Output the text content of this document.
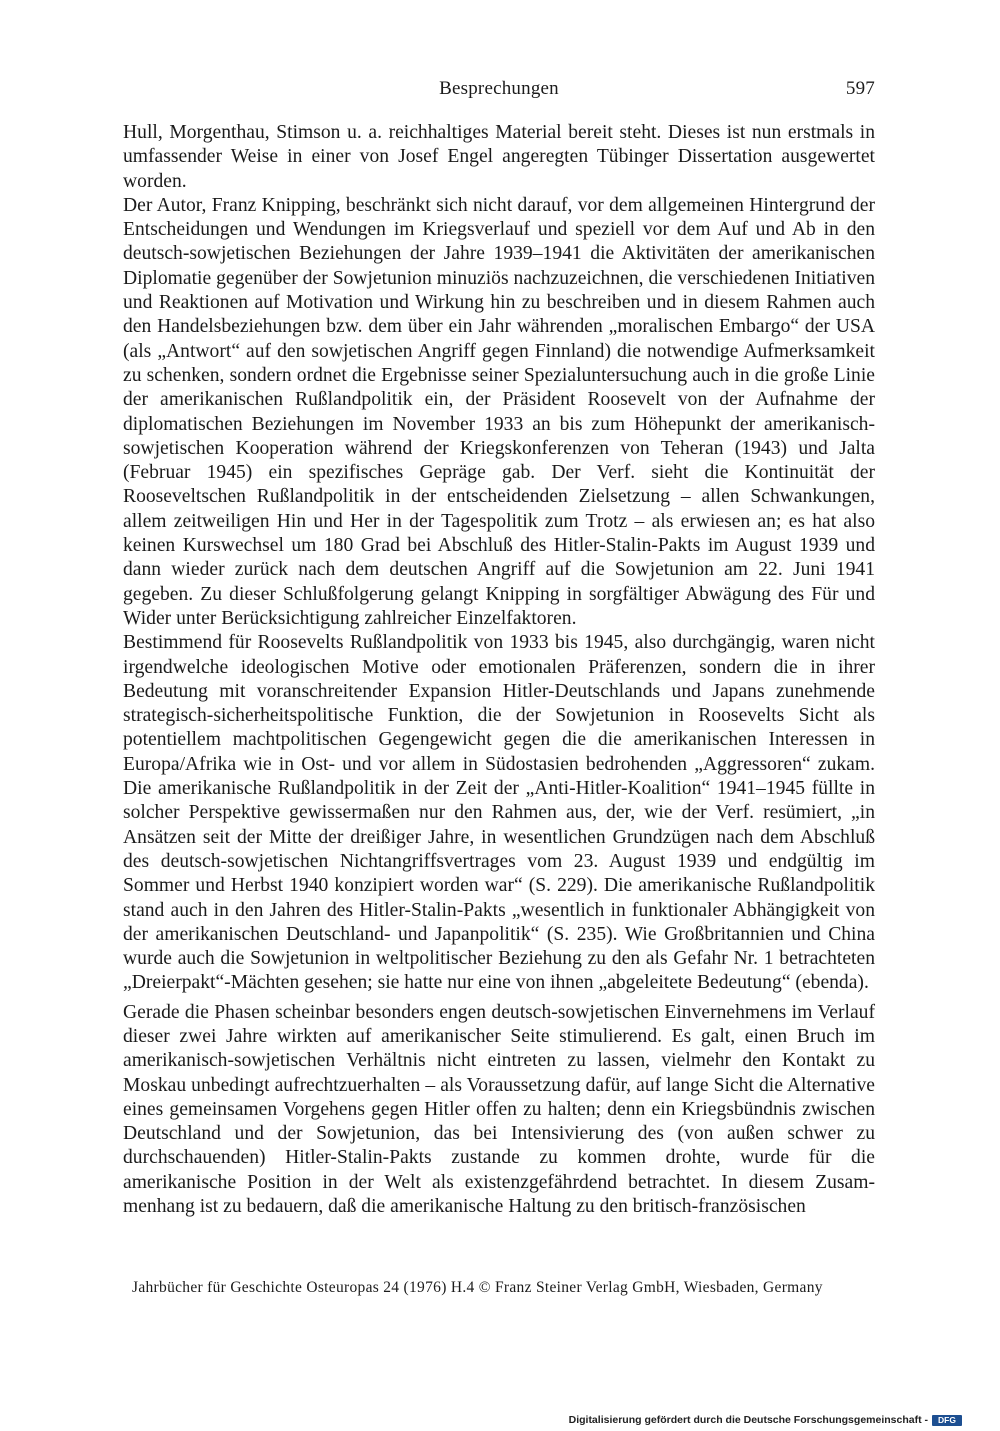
Besprechungen	597

Hull, Morgenthau, Stimson u. a. reichhaltiges Material bereit steht. Dieses ist nun erstmals in umfassender Weise in einer von Josef Engel angeregten Tübinger Dissertation ausgewertet worden.

Der Autor, Franz Knipping, beschränkt sich nicht darauf, vor dem allgemeinen Hintergrund der Entscheidungen und Wendungen im Kriegsverlauf und speziell vor dem Auf und Ab in den deutsch-sowjetischen Beziehungen der Jahre 1939–1941 die Aktivitäten der amerikanischen Diplomatie gegenüber der Sowjetunion minuziös nachzuzeichnen, die verschiedenen Initiativen und Reaktionen auf Motivation und Wirkung hin zu beschreiben und in diesem Rahmen auch den Handelsbeziehungen bzw. dem über ein Jahr währenden „moralischen Embargo“ der USA (als „Antwort“ auf den sowjetischen Angriff gegen Finnland) die notwendige Aufmerksamkeit zu schenken, sondern ordnet die Ergebnisse seiner Spezialuntersuchung auch in die große Linie der amerikanischen Rußlandpolitik ein, der Präsident Roosevelt von der Aufnahme der diplomatischen Beziehungen im November 1933 an bis zum Höhepunkt der amerikanisch-sowjetischen Kooperation während der Kriegskonferenzen von Teheran (1943) und Jalta (Februar 1945) ein spezifisches Gepräge gab. Der Verf. sieht die Kontinuität der Rooseveltschen Rußlandpolitik in der entscheidenden Zielsetzung – allen Schwankungen, allem zeitweiligen Hin und Her in der Tagespolitik zum Trotz – als erwiesen an; es hat also keinen Kurswechsel um 180 Grad bei Abschluß des Hitler-Stalin-Pakts im August 1939 und dann wieder zurück nach dem deutschen Angriff auf die Sowjetunion am 22. Juni 1941 gegeben. Zu dieser Schlußfolgerung gelangt Knipping in sorgfältiger Abwägung des Für und Wider unter Berücksichtigung zahlreicher Einzelfaktoren.

Bestimmend für Roosevelts Rußlandpolitik von 1933 bis 1945, also durchgängig, waren nicht irgendwelche ideologischen Motive oder emotionalen Präferenzen, sondern die in ihrer Bedeutung mit voranschreitender Expansion Hitler-Deutschlands und Japans zunehmende strategisch-sicherheitspolitische Funktion, die der Sowjetunion in Roosevelts Sicht als potentiellem machtpolitischen Gegengewicht gegen die die amerikanischen Interessen in Europa/Afrika wie in Ost- und vor allem in Südostasien bedrohenden „Aggressoren“ zukam. Die amerikanische Rußlandpolitik in der Zeit der „Anti-Hitler-Koalition“ 1941–1945 füllte in solcher Perspektive gewissermaßen nur den Rahmen aus, der, wie der Verf. resümiert, „in Ansätzen seit der Mitte der dreißiger Jahre, in wesentlichen Grundzügen nach dem Abschluß des deutsch-sowjetischen Nichtangriffsvertrages vom 23. August 1939 und endgültig im Sommer und Herbst 1940 konzipiert worden war“ (S. 229). Die amerikanische Rußlandpolitik stand auch in den Jahren des Hitler-Stalin-Pakts „wesentlich in funktionaler Abhängigkeit von der amerikanischen Deutschland- und Japanpolitik“ (S. 235). Wie Großbritannien und China wurde auch die Sowjetunion in weltpolitischer Beziehung zu den als Gefahr Nr. 1 betrachteten „Dreierpakt“-Mächten gesehen; sie hatte nur eine von ihnen „abgeleitete Bedeutung“ (ebenda).

Gerade die Phasen scheinbar besonders engen deutsch-sowjetischen Einvernehmens im Verlauf dieser zwei Jahre wirkten auf amerikanischer Seite stimulierend. Es galt, einen Bruch im amerikanisch-sowjetischen Verhältnis nicht eintreten zu lassen, vielmehr den Kontakt zu Moskau unbedingt aufrechtzuerhalten – als Voraussetzung dafür, auf lange Sicht die Alternative eines gemeinsamen Vorgehens gegen Hitler offen zu halten; denn ein Kriegsbündnis zwischen Deutschland und der Sowjetunion, das bei Intensivierung des (von außen schwer zu durchschauenden) Hitler-Stalin-Pakts zustande zu kommen drohte, wurde für die amerikanische Position in der Welt als existenzgefährdend betrachtet. In diesem Zusammenhang ist zu bedauern, daß die amerikanische Haltung zu den britisch-französischen

Jahrbücher für Geschichte Osteuropas 24 (1976) H.4 © Franz Steiner Verlag GmbH, Wiesbaden, Germany
Digitalisierung gefördert durch die Deutsche Forschungsgemeinschaft -	DFG
